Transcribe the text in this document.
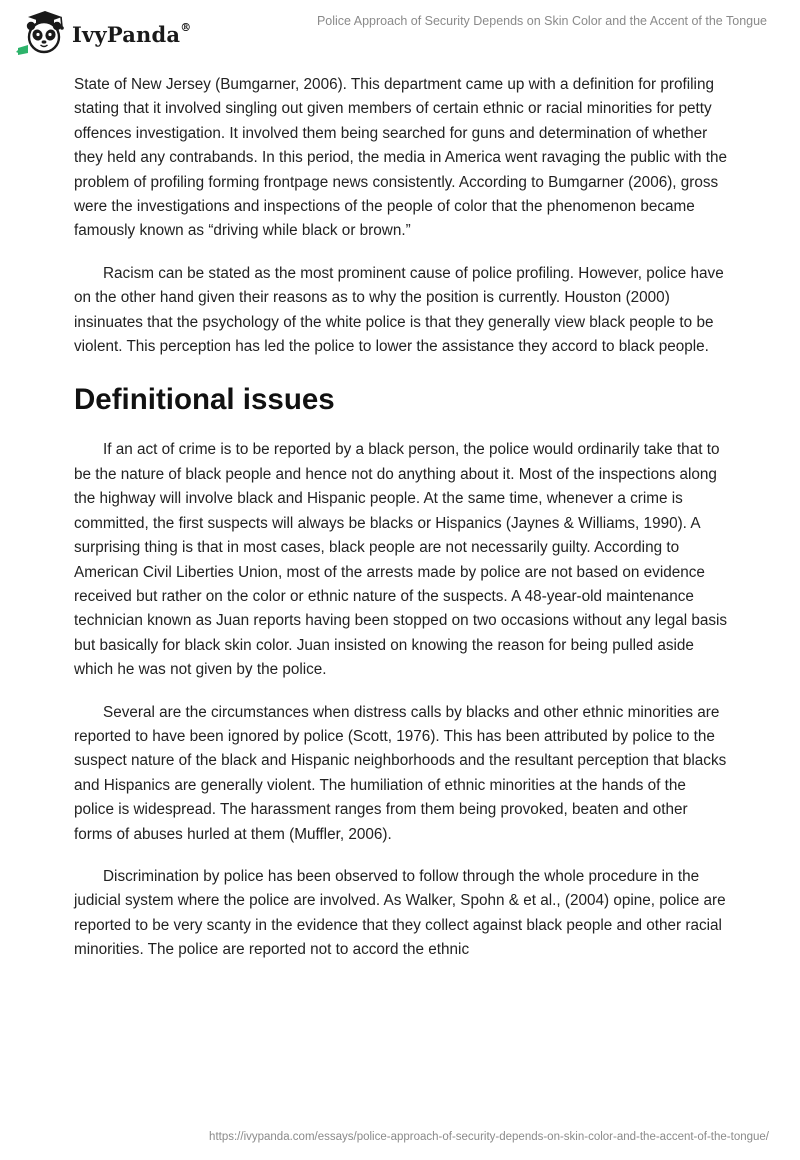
IvyPanda®	Police Approach of Security Depends on Skin Color and the Accent of the Tongue

State of New Jersey (Bumgarner, 2006). This department came up with a definition for profiling stating that it involved singling out given members of certain ethnic or racial minorities for petty offences investigation. It involved them being searched for guns and determination of whether they held any contrabands. In this period, the media in America went ravaging the public with the problem of profiling forming frontpage news consistently. According to Bumgarner (2006), gross were the investigations and inspections of the people of color that the phenomenon became famously known as “driving while black or brown.”

Racism can be stated as the most prominent cause of police profiling. However, police have on the other hand given their reasons as to why the position is currently. Houston (2000) insinuates that the psychology of the white police is that they generally view black people to be violent. This perception has led the police to lower the assistance they accord to black people.

Definitional issues

If an act of crime is to be reported by a black person, the police would ordinarily take that to be the nature of black people and hence not do anything about it. Most of the inspections along the highway will involve black and Hispanic people. At the same time, whenever a crime is committed, the first suspects will always be blacks or Hispanics (Jaynes & Williams, 1990). A surprising thing is that in most cases, black people are not necessarily guilty. According to American Civil Liberties Union, most of the arrests made by police are not based on evidence received but rather on the color or ethnic nature of the suspects. A 48-year-old maintenance technician known as Juan reports having been stopped on two occasions without any legal basis but basically for black skin color. Juan insisted on knowing the reason for being pulled aside which he was not given by the police.

Several are the circumstances when distress calls by blacks and other ethnic minorities are reported to have been ignored by police (Scott, 1976). This has been attributed by police to the suspect nature of the black and Hispanic neighborhoods and the resultant perception that blacks and Hispanics are generally violent. The humiliation of ethnic minorities at the hands of the police is widespread. The harassment ranges from them being provoked, beaten and other forms of abuses hurled at them (Muffler, 2006).

Discrimination by police has been observed to follow through the whole procedure in the judicial system where the police are involved. As Walker, Spohn & et al., (2004) opine, police are reported to be very scanty in the evidence that they collect against black people and other racial minorities. The police are reported not to accord the ethnic

https://ivypanda.com/essays/police-approach-of-security-depends-on-skin-color-and-the-accent-of-the-tongue/
